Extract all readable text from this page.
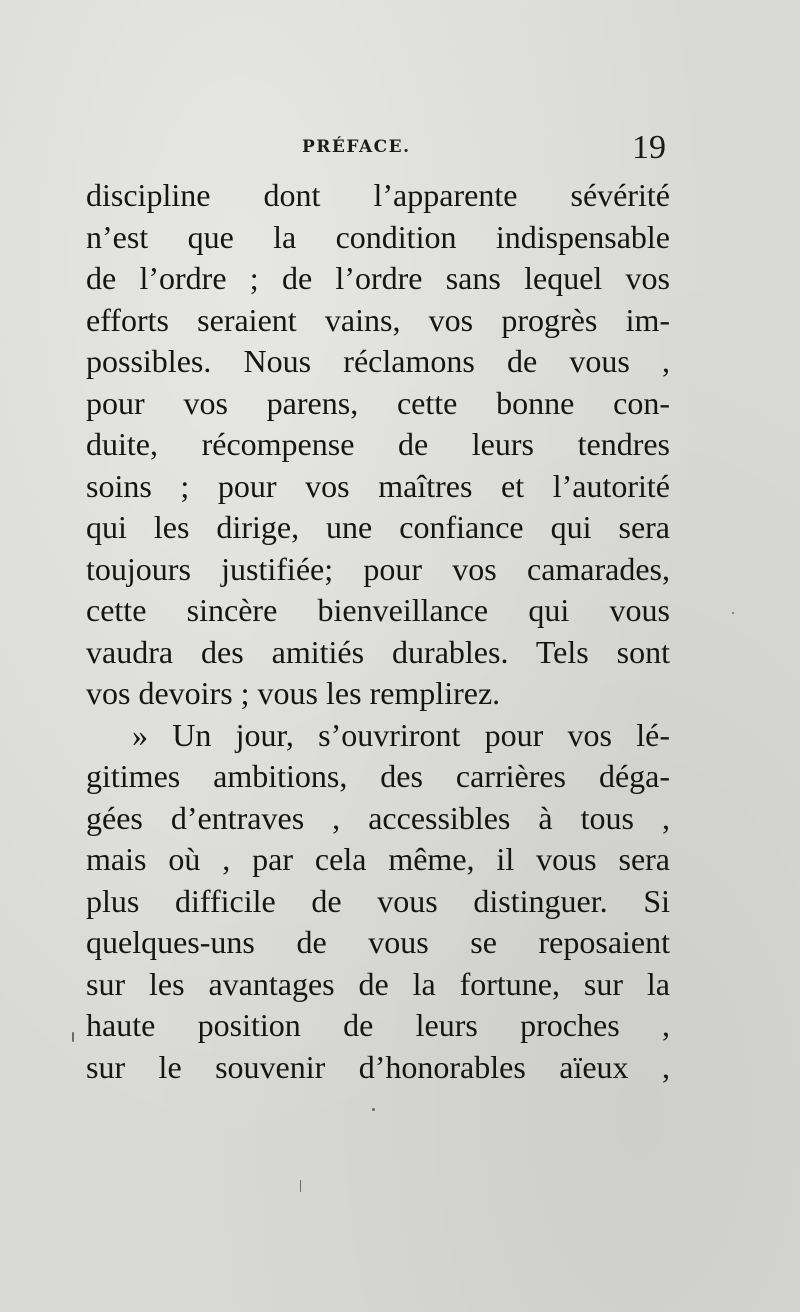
PRÉFACE.	19
discipline dont l’apparente sévérité
n’est que la condition indispensable
de l’ordre ; de l’ordre sans lequel vos
efforts seraient vains, vos progrès im-
possibles. Nous réclamons de vous ,
pour vos parens, cette bonne con-
duite, récompense de leurs tendres
soins ; pour vos maîtres et l’autorité
qui les dirige, une confiance qui sera
toujours justifiée; pour vos camarades,
cette sincère bienveillance qui vous
vaudra des amitiés durables. Tels sont
vos devoirs ; vous les remplirez.
» Un jour, s’ouvriront pour vos lé-
gitimes ambitions, des carrières déga-
gées d’entraves , accessibles à tous ,
mais où , par cela même, il vous sera
plus difficile de vous distinguer. Si
quelques-uns de vous se reposaient
sur les avantages de la fortune, sur la
haute position de leurs proches ,
sur le souvenir d’honorables aïeux ,
